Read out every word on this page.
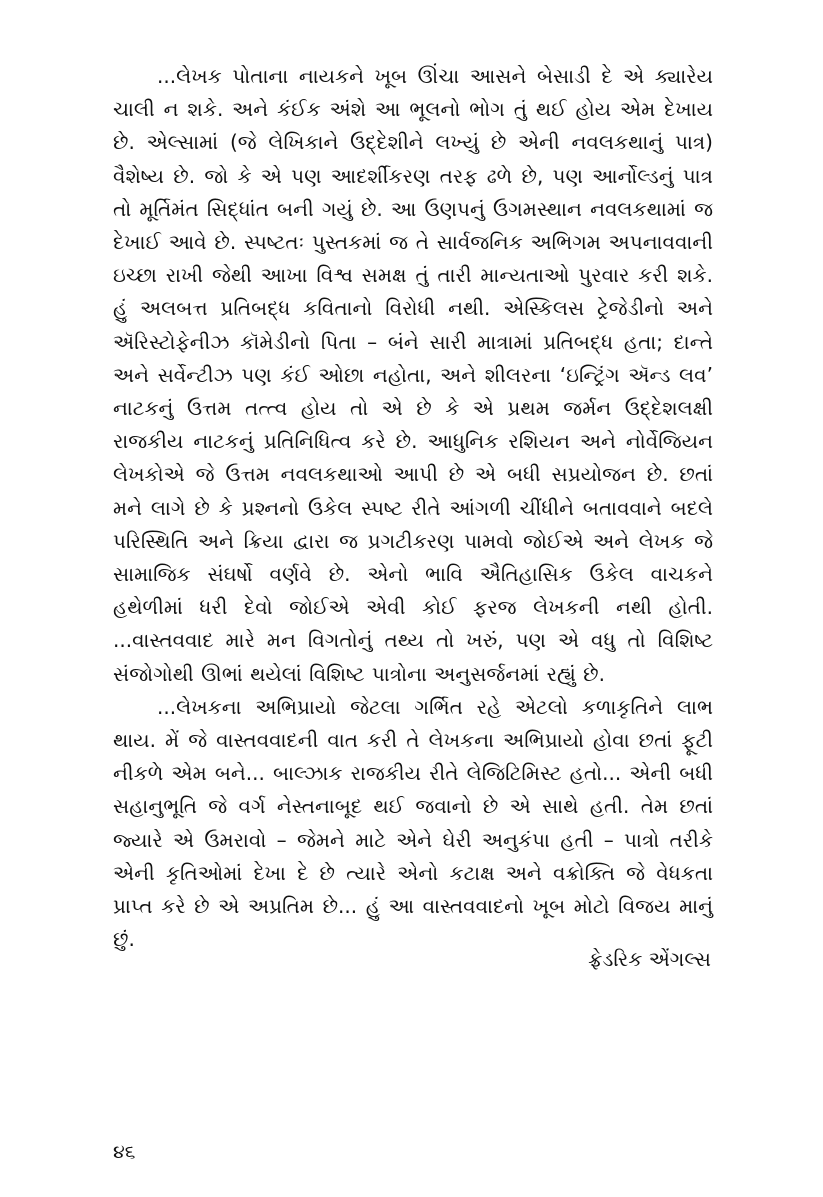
...લેખક પોતાના નાયકને ખૂબ ઊંચા આસને બેસાડી દે એ ક્યારેય ચાલી ન શકે. અને કંઈક અંશે આ ભૂલનો ભોગ તું થઈ હોય એમ દેખાય છે. એલ્સામાં (જે લેખિકાને ઉદ્દેશીને લખ્યું છે એની નવલકથાનું પાત્ર) વૈશેષ્ય છે. જો કે એ પણ આદર્શીકરણ તરફ ઢળે છે, પણ આર્નોલ્ડનું પાત્ર તો મૂર્તિમંત સિદ્ધાંત બની ગયું છે. આ ઉણપનું ઉગમસ્થાન નવલકથામાં જ દેખાઈ આવે છે. સ્પષ્ટતઃ પુસ્તકમાં જ તે સાર્વજનિક અભિગમ અપનાવવાની ઇચ્છા રાખી જેથી આખા વિશ્વ સમક્ષ તું તારી માન્યતાઓ પુરવાર કરી શકે. હું અલબત્ત પ્રતિબદ્ધ કવિતાનો વિરોધી નથી. એસ્કિલસ ટ્રેજેડીનો અને ઍરિસ્ટોફેનીઝ કૉમેડીનો પિતા – બંને સારી માત્રામાં પ્રતિબદ્ધ હતા; દાન્તે અને સર્વેન્ટીઝ પણ કંઈ ઓછા નહોતા, અને શીલરના ‘ઇન્ટ્રિંગ ઍન્ડ લવ’ નાટકનું ઉત્તમ તત્ત્વ હોય તો એ છે કે એ પ્રથમ જર્મન ઉદ્દેશલક્ષી રાજકીય નાટકનું પ્રતિનિધિત્વ કરે છે. આધુનિક રશિયન અને નોર્વેજિયન લેખકોએ જે ઉત્તમ નવલકથાઓ આપી છે એ બધી સપ્રયોજન છે. છતાં મને લાગે છે કે પ્રશ્નનો ઉકેલ સ્પષ્ટ રીતે આંગળી ચીંધીને બતાવવાને બદલે પરિસ્થિતિ અને ક્રિયા દ્વારા જ પ્રગટીકરણ પામવો જોઈએ અને લેખક જે સામાજિક સંઘર્ષો વર્ણવે છે. એનો ભાવિ ઐતિહાસિક ઉકેલ વાચકને હથેળીમાં ધરી દેવો જોઈએ એવી કોઈ ફરજ લેખકની નથી હોતી. ...વાસ્તવવાદ મારે મન વિગતોનું તથ્ય તો ખરું, પણ એ વધુ તો વિશિષ્ટ સંજોગોથી ઊભાં થયેલાં વિશિષ્ટ પાત્રોના અનુસર્જનમાં રહ્યું છે.

...લેખકના અભિપ્રાયો જેટલા ગર્ભિત રહે એટલો કળાકૃતિને લાભ થાય. મેં જે વાસ્તવવાદની વાત કરી તે લેખકના અભિપ્રાયો હોવા છતાં ફૂટી નીકળે એમ બને... બાલ્ઝાક રાજકીય રીતે લેજિટિમિસ્ટ હતો... એની બધી સહાનુભૂતિ જે વર્ગ નેસ્તનાબૂદ થઈ જવાનો છે એ સાથે હતી. તેમ છતાં જ્યારે એ ઉમરાવો – જેમને માટે એને ઘેરી અનુકંપા હતી – પાત્રો તરીકે એની કૃતિઓમાં દેખા દે છે ત્યારે એનો કટાક્ષ અને વક્રોક્તિ જે વેધકતા પ્રાપ્ત કરે છે એ અપ્રતિમ છે... હું આ વાસ્તવવાદનો ખૂબ મોટો વિજય માનું છું.

ફ્રેડરિક એંગલ્સ
૪૬
